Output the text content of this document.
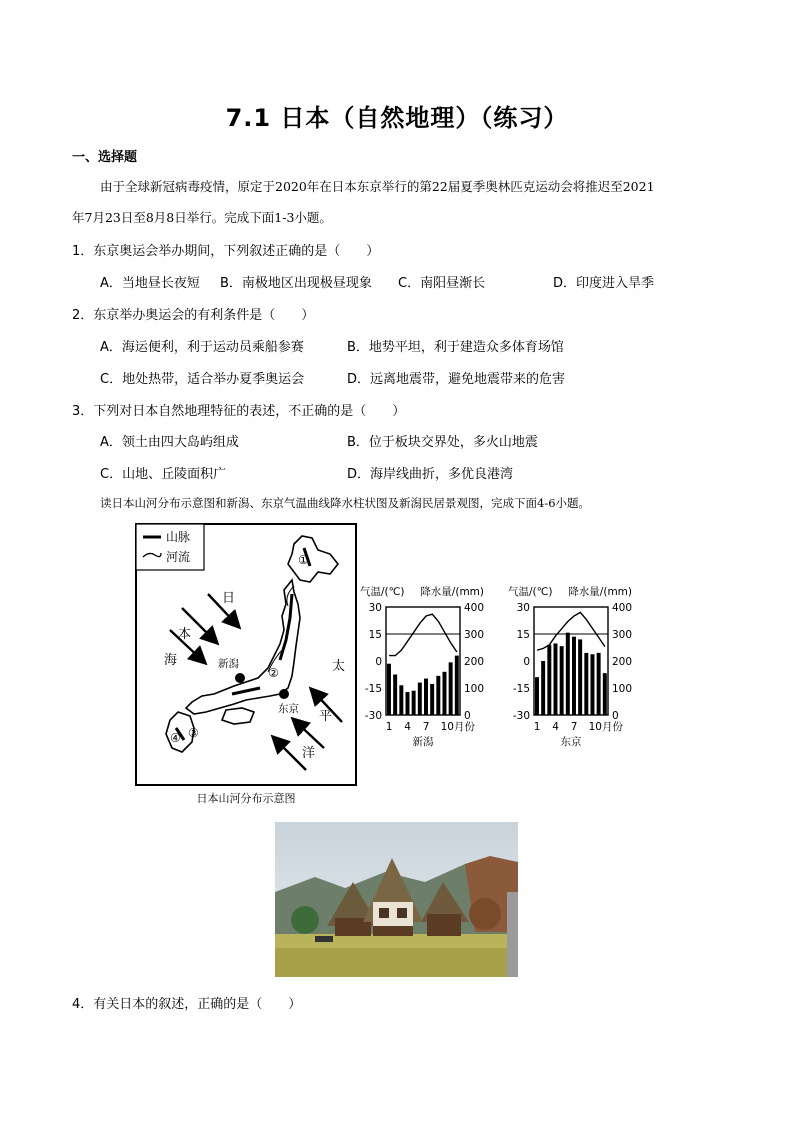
7.1 日本（自然地理）（练习）
一、选择题
由于全球新冠病毒疫情，原定于2020年在日本东京举行的第22届夏季奥林匹克运动会将推迟至2021
年7月23日至8月8日举行。完成下面1-3小题。
1．东京奥运会举办期间，下列叙述正确的是（　　）
A．当地昼长夜短 B．南极地区出现极昼现象 C．南阳昼渐长	D．印度进入旱季
2．东京举办奥运会的有利条件是（　　）
A．海运便利，利于运动员乘船参赛	B．地势平坦，利于建造众多体育场馆
C．地处热带，适合举办夏季奥运会	D．远离地震带，避免地震带来的危害
3．下列对日本自然地理特征的表述，不正确的是（　　）
A．领土由四大岛屿组成	B．位于板块交界处，多火山地震
C．山地、丘陵面积广	D．海岸线曲折，多优良港湾
读日本山河分布示意图和新潟、东京气温曲线降水柱状图及新潟民居景观图，完成下面4-6小题。
山脉
河流
新潟
东京
①
②
③
④
日
本
海	太
平
洋
日本山河分布示意图
气温/(℃) 降水量/(mm)
30
15
0
-15
-30
400
300
200
100
0
1 4 7 10月份
新潟
气温/(℃) 降水量/(mm)
30
15
0
-15
-30
400
300
200
100
0
1 4 7 10月份
东京
4．有关日本的叙述，正确的是（　　）
